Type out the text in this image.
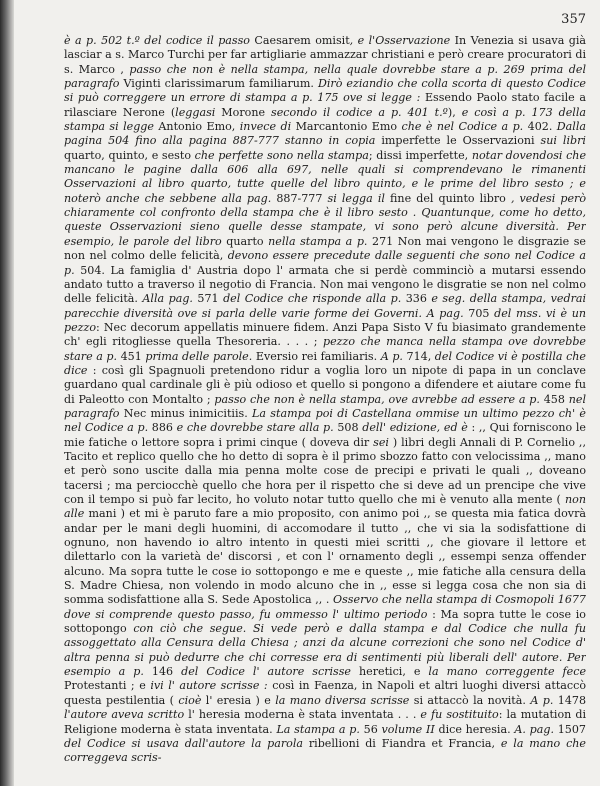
357

è a p. 502 t.º del codice il passo Caesarem omisit, e l'Osservazione In Venezia si usava già lasciar a s. Marco Turchi per far artigliarie ammazzar christiani e però creare procuratori di s. Marco , passo che non è nella stampa, nella quale dovrebbe stare a p. 269 prima del paragrafo Viginti clarissimarum familiarum. Dirò eziandio che colla scorta di questo Codice si può correggere un errore di stampa a p. 175 ove si legge : Essendo Paolo stato facile a rilasciare Nerone (leggasi Morone secondo il codice a p. 401 t.º), e così a p. 173 della stampa si legge Antonio Emo, invece di Marcantonio Emo che è nel Codice a p. 402. Dalla pagina 504 fino alla pagina 887-777 stanno in copia imperfette le Osservazioni sui libri quarto, quinto, e sesto che perfette sono nella stampa; dissi imperfette, notar dovendosi che mancano le pagine dalla 606 alla 697, nelle quali si comprendevano le rimanenti Osservazioni al libro quarto, tutte quelle del libro quinto, e le prime del libro sesto ; e noterò anche che sebbene alla pag. 887-777 si legga il fine del quinto libro , vedesi però chiaramente col confronto della stampa che è il libro sesto . Quantunque, come ho detto, queste Osservazioni sieno quelle desse stampate, vi sono però alcune diversità. Per esempio, le parole del libro quarto nella stampa a p. 271 Non mai vengono le disgrazie se non nel colmo delle felicità, devono essere precedute dalle seguenti che sono nel Codice a p. 504. La famiglia d' Austria dopo l' armata che si perdè comminciò a mutarsi essendo andato tutto a traverso il negotio di Francia. Non mai vengono le disgratie se non nel colmo delle felicità. Alla pag. 571 del Codice che risponde alla p. 336 e seg. della stampa, vedrai parecchie diversità ove si parla delle varie forme dei Governi. A pag. 705 del mss. vi è un pezzo: Nec decorum appellatis minuere fidem. Anzi Papa Sisto V fu biasimato grandemente ch' egli ritogliesse quella Thesoreria. . . . ; pezzo che manca nella stampa ove dovrebbe stare a p. 451 prima delle parole. Eversio rei familiaris. A p. 714, del Codice vi è postilla che dice : così gli Spagnuoli pretendono ridur a voglia loro un nipote di papa in un conclave guardano qual cardinale gli è più odioso et quello si pongono a difendere et aiutare come fu di Paleotto con Montalto ; passo che non è nella stampa, ove avrebbe ad essere a p. 458 nel paragrafo Nec minus inimicitiis. La stampa poi di Castellana ommise un ultimo pezzo ch' è nel Codice a p. 886 e che dovrebbe stare alla p. 508 dell' edizione, ed è : ,, Qui forniscono le mie fatiche o lettore sopra i primi cinque ( doveva dir sei ) libri degli Annali di P. Cornelio ,, Tacito et replico quello che ho detto di sopra è il primo sbozzo fatto con velocissima ,, mano et però sono uscite dalla mia penna molte cose de precipi e privati le quali ,, doveano tacersi ; ma perciocchè quello che hora per il rispetto che si deve ad un prencipe che vive con il tempo si può far lecito, ho voluto notar tutto quello che mi è venuto alla mente ( non alle mani ) et mi è paruto fare a mio proposito, con animo poi ,, se questa mia fatica dovrà andar per le mani degli huomini, di accomodare il tutto ,, che vi sia la sodisfattione di ognuno, non havendo io altro intento in questi miei scritti ,, che giovare il lettore et dilettarlo con la varietà de' discorsi , et con l' ornamento degli ,, essempi senza offender alcuno. Ma sopra tutte le cose io sottopongo e me e queste ,, mie fatiche alla censura della S. Madre Chiesa, non volendo in modo alcuno che in ,, esse si legga cosa che non sia di somma sodisfattione alla S. Sede Apostolica ,, . Osservo che nella stampa di Cosmopoli 1677 dove si comprende questo passo, fu ommesso l' ultimo periodo : Ma sopra tutte le cose io sottopongo con ciò che segue. Si vede però e dalla stampa e dal Codice che nulla fu assoggettato alla Censura della Chiesa ; anzi da alcune correzioni che sono nel Codice d' altra penna si può dedurre che chi corresse era di sentimenti più liberali dell' autore. Per esempio a p. 146 del Codice l' autore scrisse heretici, e la mano correggente fece Protestanti ; e ivi l' autore scrisse : così in Faenza, in Napoli et altri luoghi diversi attaccò questa pestilentia ( cioè l' eresia ) e la mano diversa scrisse si attaccò la novità. A p. 1478 l'autore aveva scritto l' heresia moderna è stata inventata . . . e fu sostituito: la mutation di Religione moderna è stata inventata. La stampa a p. 56 volume II dice heresia. A. pag. 1507 del Codice si usava dall'autore la parola ribellioni di Fiandra et Francia, e la mano che correggeva scris-
